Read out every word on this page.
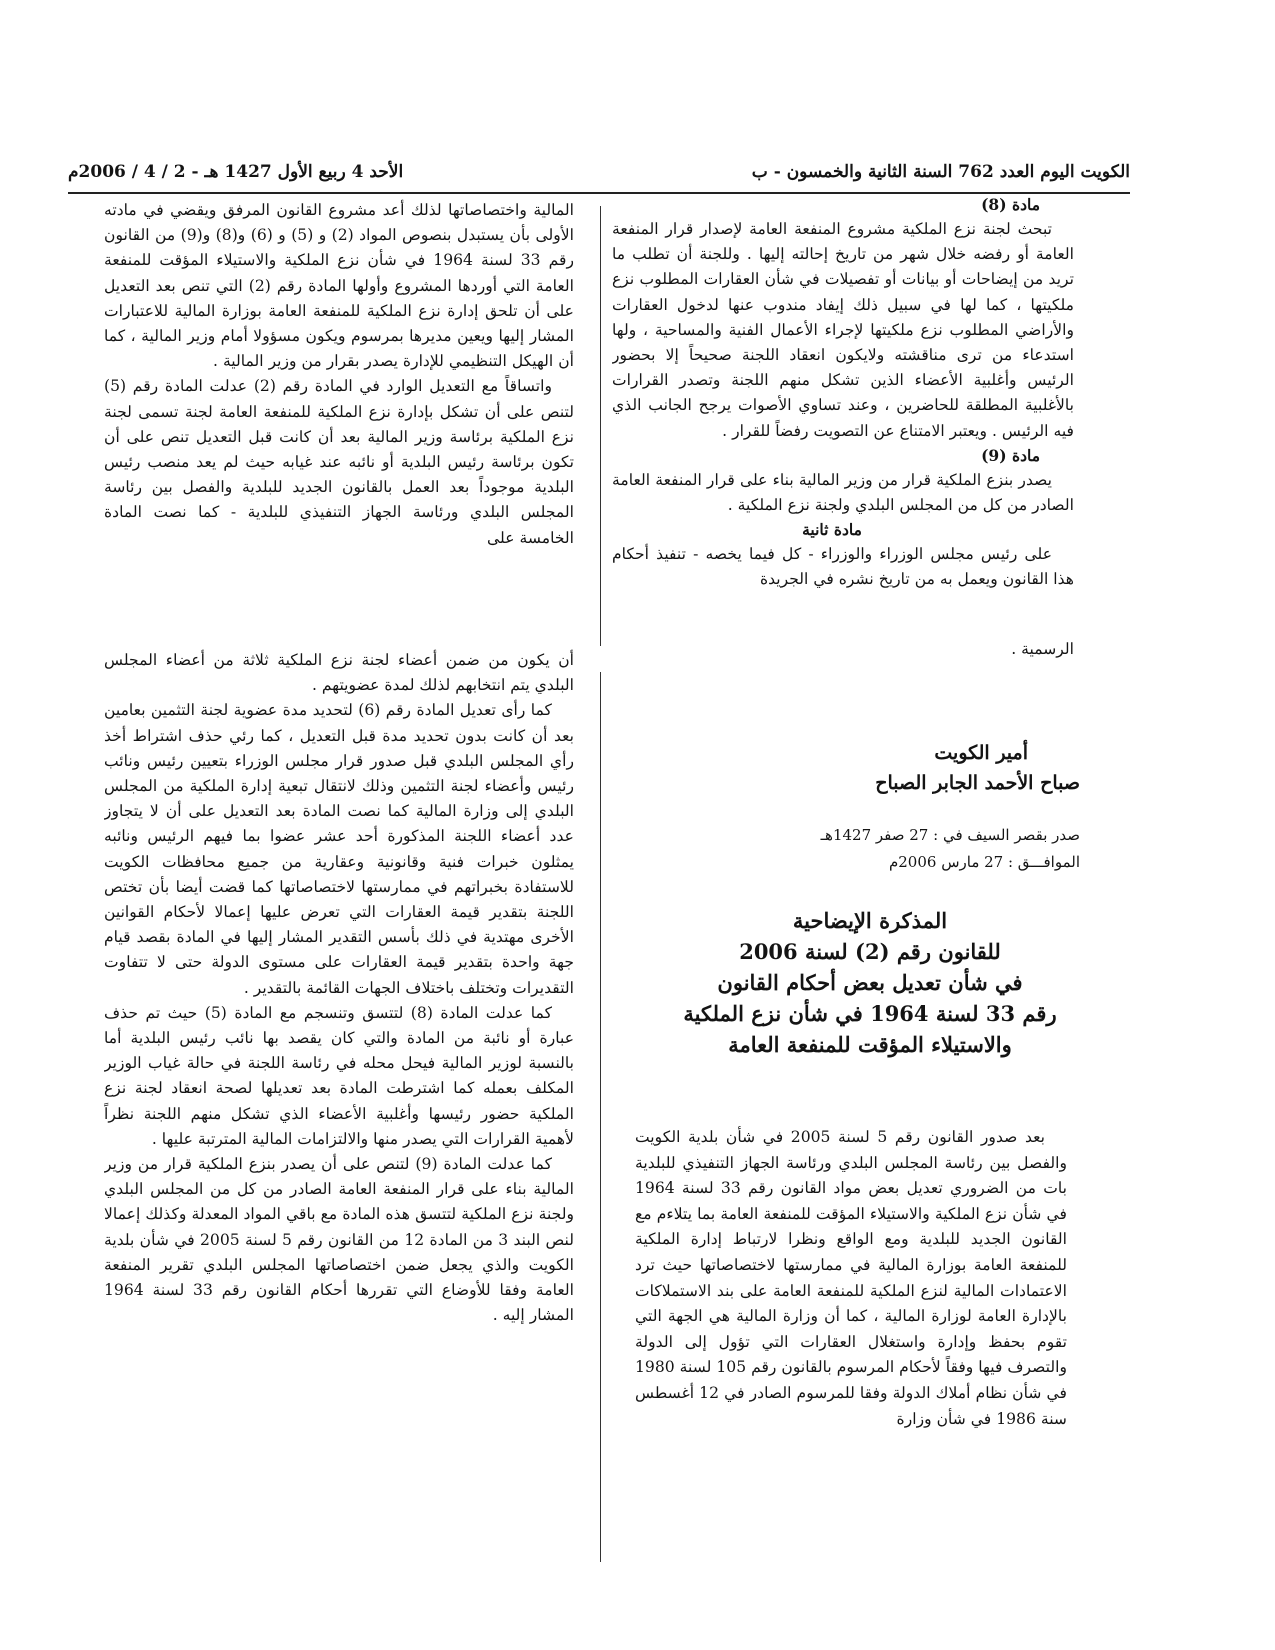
الكويت اليوم العدد 762 السنة الثانية والخمسون - ب
الأحد 4 ربيع الأول 1427 هـ - 2 / 4 / 2006م

مادة (8)

تبحث لجنة نزع الملكية مشروع المنفعة العامة لإصدار قرار المنفعة العامة أو رفضه خلال شهر من تاريخ إحالته إليها . وللجنة أن تطلب ما تريد من إيضاحات أو بيانات أو تفصيلات في شأن العقارات المطلوب نزع ملكيتها ، كما لها في سبيل ذلك إيفاد مندوب عنها لدخول العقارات والأراضي المطلوب نزع ملكيتها لإجراء الأعمال الفنية والمساحية ، ولها استدعاء من ترى مناقشته ولايكون انعقاد اللجنة صحيحاً إلا بحضور الرئيس وأغلبية الأعضاء الذين تشكل منهم اللجنة وتصدر القرارات بالأغلبية المطلقة للحاضرين ، وعند تساوي الأصوات يرجح الجانب الذي فيه الرئيس . ويعتبر الامتناع عن التصويت رفضاً للقرار .

مادة (9)

يصدر بنزع الملكية قرار من وزير المالية بناء على قرار المنفعة العامة الصادر من كل من المجلس البلدي ولجنة نزع الملكية .

مادة ثانية

على رئيس مجلس الوزراء والوزراء - كل فيما يخصه - تنفيذ أحكام هذا القانون ويعمل به من تاريخ نشره في الجريدة

الرسمية .

أمير الكويت
صباح الأحمد الجابر الصباح
صدر بقصر السيف في : 27 صفر 1427هـ
الموافـــق : 27 مارس 2006م
المذكرة الإيضاحية
للقانون رقم (2) لسنة 2006
في شأن تعديل بعض أحكام القانون
رقم 33 لسنة 1964 في شأن نزع الملكية
والاستيلاء المؤقت للمنفعة العامة

بعد صدور القانون رقم 5 لسنة 2005 في شأن بلدية الكويت والفصل بين رئاسة المجلس البلدي ورئاسة الجهاز التنفيذي للبلدية بات من الضروري تعديل بعض مواد القانون رقم 33 لسنة 1964 في شأن نزع الملكية والاستيلاء المؤقت للمنفعة العامة بما يتلاءم مع القانون الجديد للبلدية ومع الواقع ونظرا لارتباط إدارة الملكية للمنفعة العامة بوزارة المالية في ممارستها لاختصاصاتها حيث ترد الاعتمادات المالية لنزع الملكية للمنفعة العامة على بند الاستملاكات بالإدارة العامة لوزارة المالية ، كما أن وزارة المالية هي الجهة التي تقوم بحفظ وإدارة واستغلال العقارات التي تؤول إلى الدولة والتصرف فيها وفقاً لأحكام المرسوم بالقانون رقم 105 لسنة 1980 في شأن نظام أملاك الدولة وفقا للمرسوم الصادر في 12 أغسطس سنة 1986 في شأن وزارة

المالية واختصاصاتها لذلك أعد مشروع القانون المرفق ويقضي في مادته الأولى بأن يستبدل بنصوص المواد (2) و (5) و (6) و(8) و(9) من القانون رقم 33 لسنة 1964 في شأن نزع الملكية والاستيلاء المؤقت للمنفعة العامة التي أوردها المشروع وأولها المادة رقم (2) التي تنص بعد التعديل على أن تلحق إدارة نزع الملكية للمنفعة العامة بوزارة المالية للاعتبارات المشار إليها ويعين مديرها بمرسوم ويكون مسؤولا أمام وزير المالية ، كما أن الهيكل التنظيمي للإدارة يصدر بقرار من وزير المالية .

واتساقاً مع التعديل الوارد في المادة رقم (2) عدلت المادة رقم (5) لتنص على أن تشكل بإدارة نزع الملكية للمنفعة العامة لجنة تسمى لجنة نزع الملكية برئاسة وزير المالية بعد أن كانت قبل التعديل تنص على أن تكون برئاسة رئيس البلدية أو نائبه عند غيابه حيث لم يعد منصب رئيس البلدية موجوداً بعد العمل بالقانون الجديد للبلدية والفصل بين رئاسة المجلس البلدي ورئاسة الجهاز التنفيذي للبلدية - كما نصت المادة الخامسة على

أن يكون من ضمن أعضاء لجنة نزع الملكية ثلاثة من أعضاء المجلس البلدي يتم انتخابهم لذلك لمدة عضويتهم .

كما رأى تعديل المادة رقم (6) لتحديد مدة عضوية لجنة التثمين بعامين بعد أن كانت بدون تحديد مدة قبل التعديل ، كما رئي حذف اشتراط أخذ رأي المجلس البلدي قبل صدور قرار مجلس الوزراء بتعيين رئيس ونائب رئيس وأعضاء لجنة التثمين وذلك لانتقال تبعية إدارة الملكية من المجلس البلدي إلى وزارة المالية كما نصت المادة بعد التعديل على أن لا يتجاوز عدد أعضاء اللجنة المذكورة أحد عشر عضوا بما فيهم الرئيس ونائبه يمثلون خبرات فنية وقانونية وعقارية من جميع محافظات الكويت للاستفادة بخبراتهم في ممارستها لاختصاصاتها كما قضت أيضا بأن تختص اللجنة بتقدير قيمة العقارات التي تعرض عليها إعمالا لأحكام القوانين الأخرى مهتدية في ذلك بأسس التقدير المشار إليها في المادة بقصد قيام جهة واحدة بتقدير قيمة العقارات على مستوى الدولة حتى لا تتفاوت التقديرات وتختلف باختلاف الجهات القائمة بالتقدير .

كما عدلت المادة (8) لتتسق وتنسجم مع المادة (5) حيث تم حذف عبارة أو نائبة من المادة والتي كان يقصد بها نائب رئيس البلدية أما بالنسبة لوزير المالية فيحل محله في رئاسة اللجنة في حالة غياب الوزير المكلف بعمله كما اشترطت المادة بعد تعديلها لصحة انعقاد لجنة نزع الملكية حضور رئيسها وأغلبية الأعضاء الذي تشكل منهم اللجنة نظراً لأهمية القرارات التي يصدر منها والالتزامات المالية المترتبة عليها .

كما عدلت المادة (9) لتنص على أن يصدر بنزع الملكية قرار من وزير المالية بناء على قرار المنفعة العامة الصادر من كل من المجلس البلدي ولجنة نزع الملكية لتتسق هذه المادة مع باقي المواد المعدلة وكذلك إعمالا لنص البند 3 من المادة 12 من القانون رقم 5 لسنة 2005 في شأن بلدية الكويت والذي يجعل ضمن اختصاصاتها المجلس البلدي تقرير المنفعة العامة وفقا للأوضاع التي تقررها أحكام القانون رقم 33 لسنة 1964 المشار إليه .
